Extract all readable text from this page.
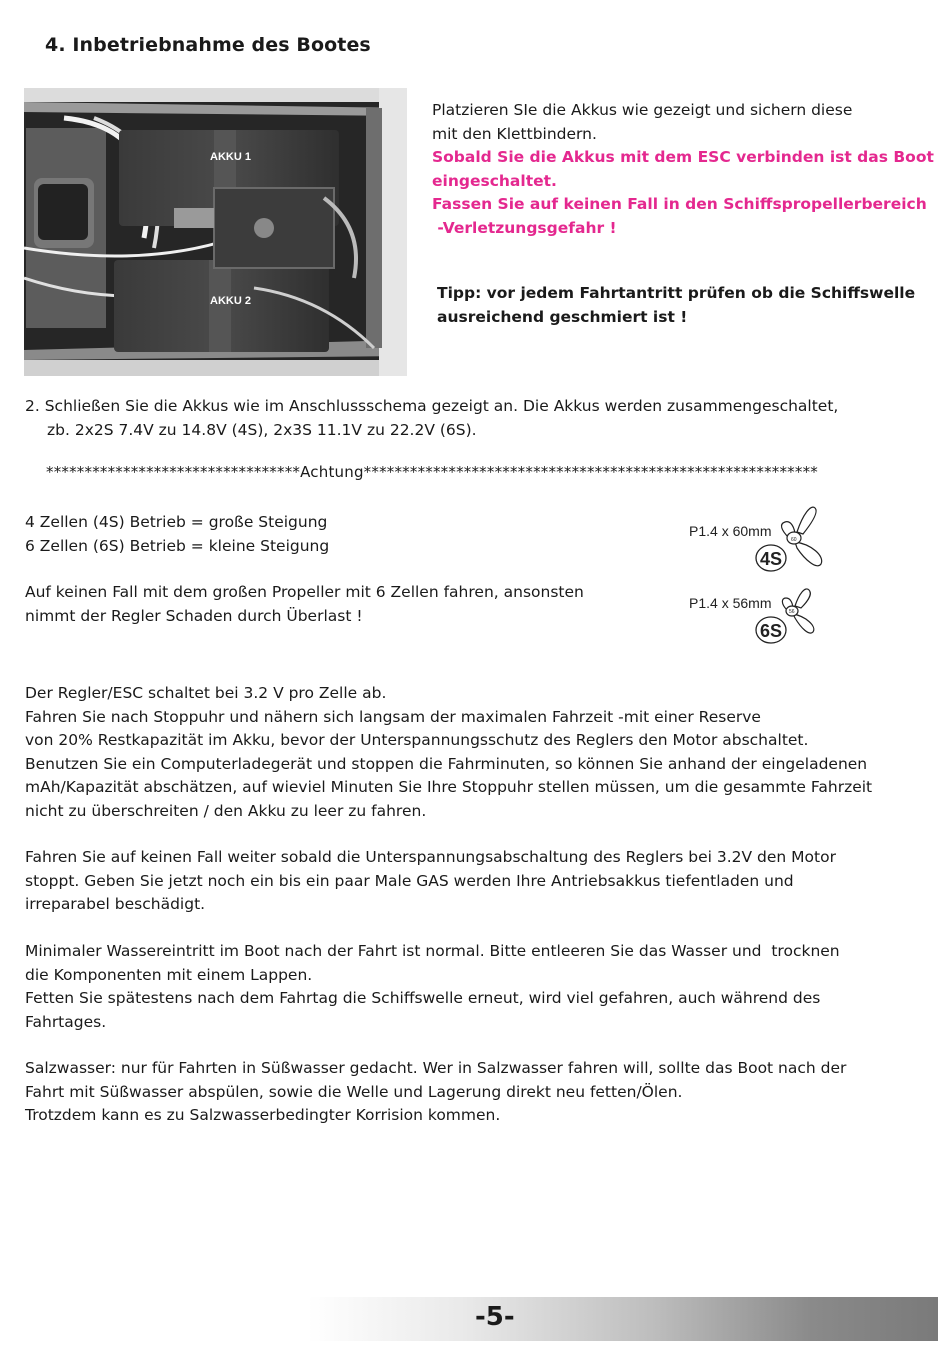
4. Inbetriebnahme des Bootes
AKKU 1
AKKU 2
Platzieren SIe die Akkus wie gezeigt und sichern diese
mit den Klettbindern.
Sobald Sie die Akkus mit dem ESC verbinden ist das Boot
eingeschaltet.
Fassen Sie auf keinen Fall in den Schiffspropellerbereich
-Verletzungsgefahr !
Tipp: vor jedem Fahrtantritt prüfen ob die Schiffswelle
ausreichend geschmiert ist !
2. Schließen Sie die Akkus wie im Anschlussschema gezeigt an. Die Akkus werden zusammengeschaltet,
zb. 2x2S 7.4V zu 14.8V (4S), 2x3S 11.1V zu 22.2V (6S).
*********************************Achtung***********************************************************
4 Zellen (4S) Betrieb = große Steigung
6 Zellen (6S) Betrieb = kleine Steigung
Auf keinen Fall mit dem großen Propeller mit 6 Zellen fahren, ansonsten
nimmt der Regler Schaden durch Überlast !
P1.4 x 60mm
60
4S
P1.4 x 56mm
56
6S
Der Regler/ESC schaltet bei 3.2 V pro Zelle ab.
Fahren Sie nach Stoppuhr und nähern sich langsam der maximalen Fahrzeit -mit einer Reserve
von 20% Restkapazität im Akku, bevor der Unterspannungsschutz des Reglers den Motor abschaltet.
Benutzen Sie ein Computerladegerät und stoppen die Fahrminuten, so können Sie anhand der eingeladenen
mAh/Kapazität abschätzen, auf wieviel Minuten Sie Ihre Stoppuhr stellen müssen, um die gesammte Fahrzeit
nicht zu überschreiten / den Akku zu leer zu fahren.
Fahren Sie auf keinen Fall weiter sobald die Unterspannungsabschaltung des Reglers bei 3.2V den Motor
stoppt. Geben Sie jetzt noch ein bis ein paar Male GAS werden Ihre Antriebsakkus tiefentladen und
irreparabel beschädigt.
Minimaler Wassereintritt im Boot nach der Fahrt ist normal. Bitte entleeren Sie das Wasser und  trocknen
die Komponenten mit einem Lappen.
Fetten Sie spätestens nach dem Fahrtag die Schiffswelle erneut, wird viel gefahren, auch während des
Fahrtages.
Salzwasser: nur für Fahrten in Süßwasser gedacht. Wer in Salzwasser fahren will, sollte das Boot nach der
Fahrt mit Süßwasser abspülen, sowie die Welle und Lagerung direkt neu fetten/Ölen.
Trotzdem kann es zu Salzwasserbedingter Korrision kommen.
-5-
